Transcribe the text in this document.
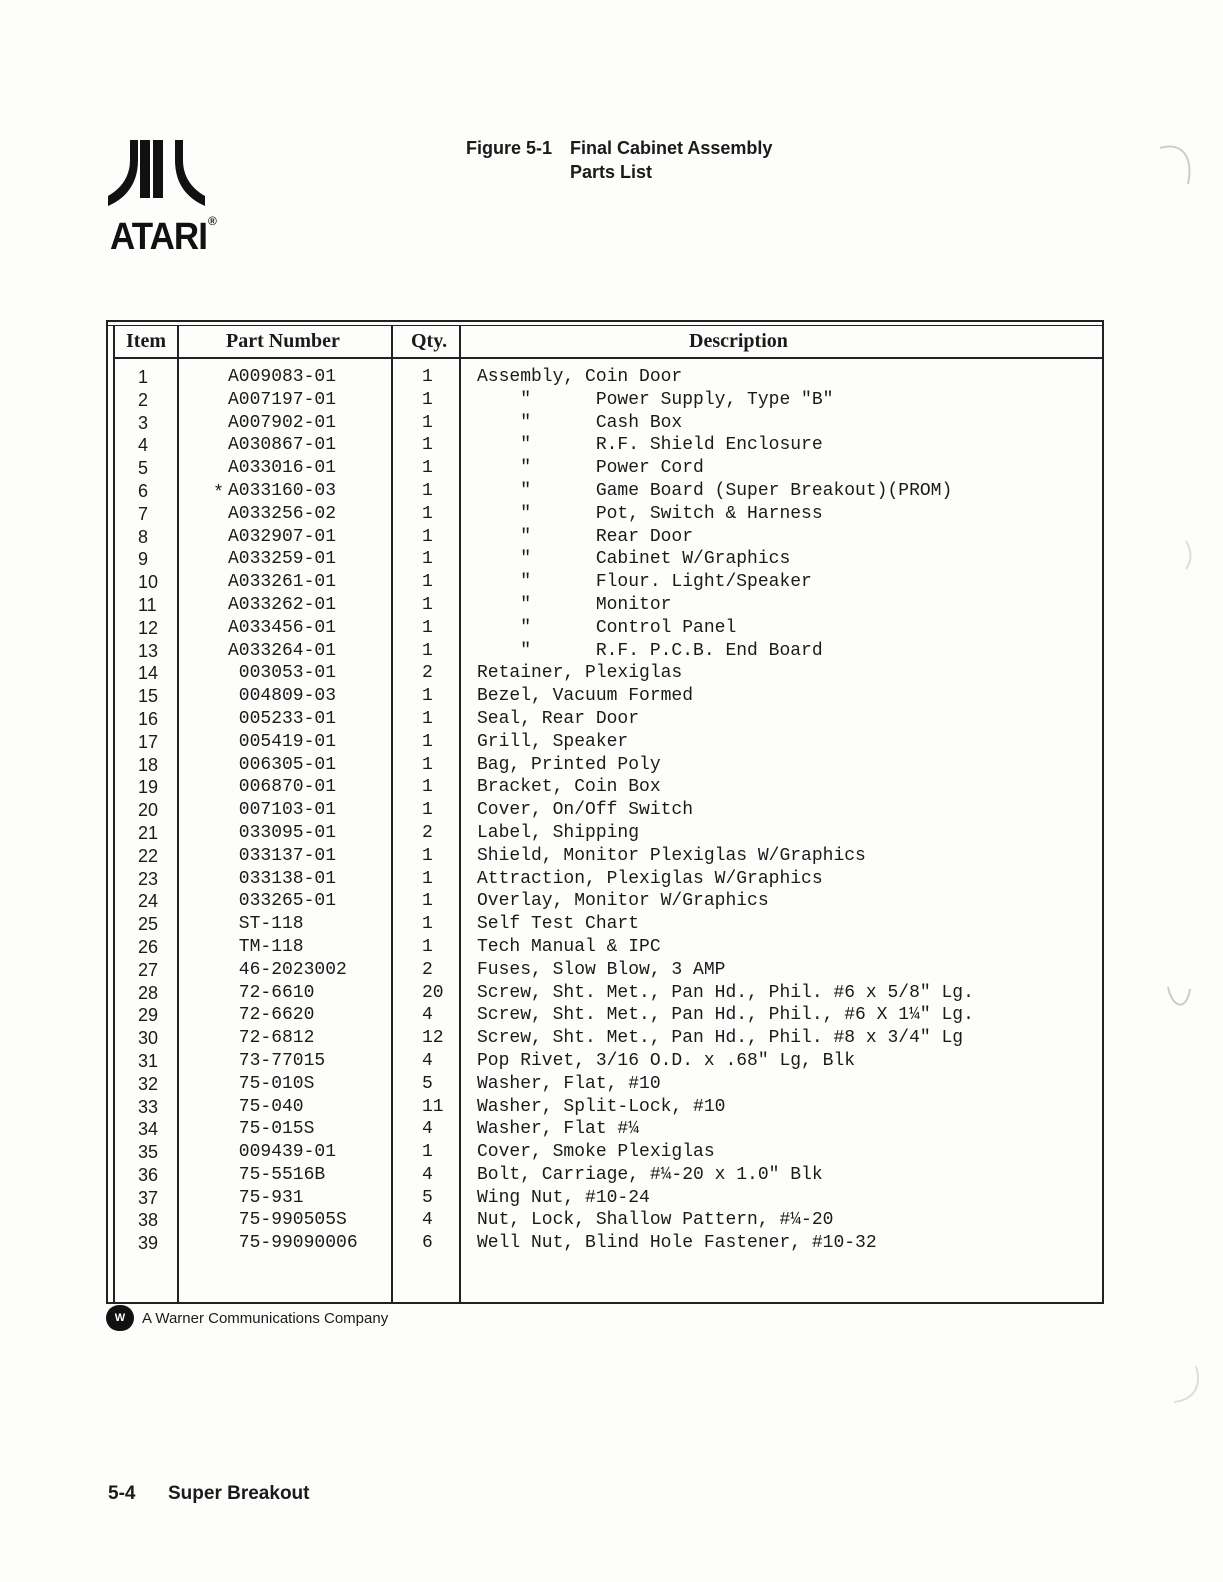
ATARI ®
Figure 5-1 Final Cabinet Assembly
Parts List
Item	Part Number	Qty.	Description
1	A009083-01	1 Assembly, Coin Door
2	A007197-01	1 "      Power Supply, Type "B"
3	A007902-01	1 "      Cash Box
4	A030867-01	1 "      R.F. Shield Enclosure
5	A033016-01	1 "      Power Cord
6	A033160-03	1 "      Game Board (Super Breakout)(PROM)
*
7	A033256-02	1 "      Pot, Switch & Harness
8	A032907-01	1 "      Rear Door
9	A033259-01	1 "      Cabinet W/Graphics
10	A033261-01	1 "      Flour. Light/Speaker
11	A033262-01	1 "      Monitor
12	A033456-01	1 "      Control Panel
13	A033264-01	1 "      R.F. P.C.B. End Board
14	003053-01	2 Retainer, Plexiglas
15	004809-03	1 Bezel, Vacuum Formed
16	005233-01	1 Seal, Rear Door
17	005419-01	1 Grill, Speaker
18	006305-01	1 Bag, Printed Poly
19	006870-01	1 Bracket, Coin Box
20	007103-01	1 Cover, On/Off Switch
21	033095-01	2 Label, Shipping
22	033137-01	1 Shield, Monitor Plexiglas W/Graphics
23	033138-01	1 Attraction, Plexiglas W/Graphics
24	033265-01	1 Overlay, Monitor W/Graphics
25	ST-118	1 Self Test Chart
26	TM-118	1 Tech Manual & IPC
27	46-2023002	2 Fuses, Slow Blow, 3 AMP
28	72-6610	20 Screw, Sht. Met., Pan Hd., Phil. #6 x 5/8" Lg.
29	72-6620	4 Screw, Sht. Met., Pan Hd., Phil., #6 X 1¼" Lg.
30	72-6812	12 Screw, Sht. Met., Pan Hd., Phil. #8 x 3/4" Lg
31	73-77015	4 Pop Rivet, 3/16 O.D. x .68" Lg, Blk
32	75-010S	5 Washer, Flat, #10
33	75-040	11 Washer, Split-Lock, #10
34	75-015S	4 Washer, Flat #¼
35	009439-01	1 Cover, Smoke Plexiglas
36	75-5516B	4 Bolt, Carriage, #¼-20 x 1.0" Blk
37	75-931	5 Wing Nut, #10-24
38	75-990505S	4 Nut, Lock, Shallow Pattern, #¼-20
39	75-99090006	6 Well Nut, Blind Hole Fastener, #10-32
W	A Warner Communications Company
5-4 Super Breakout
